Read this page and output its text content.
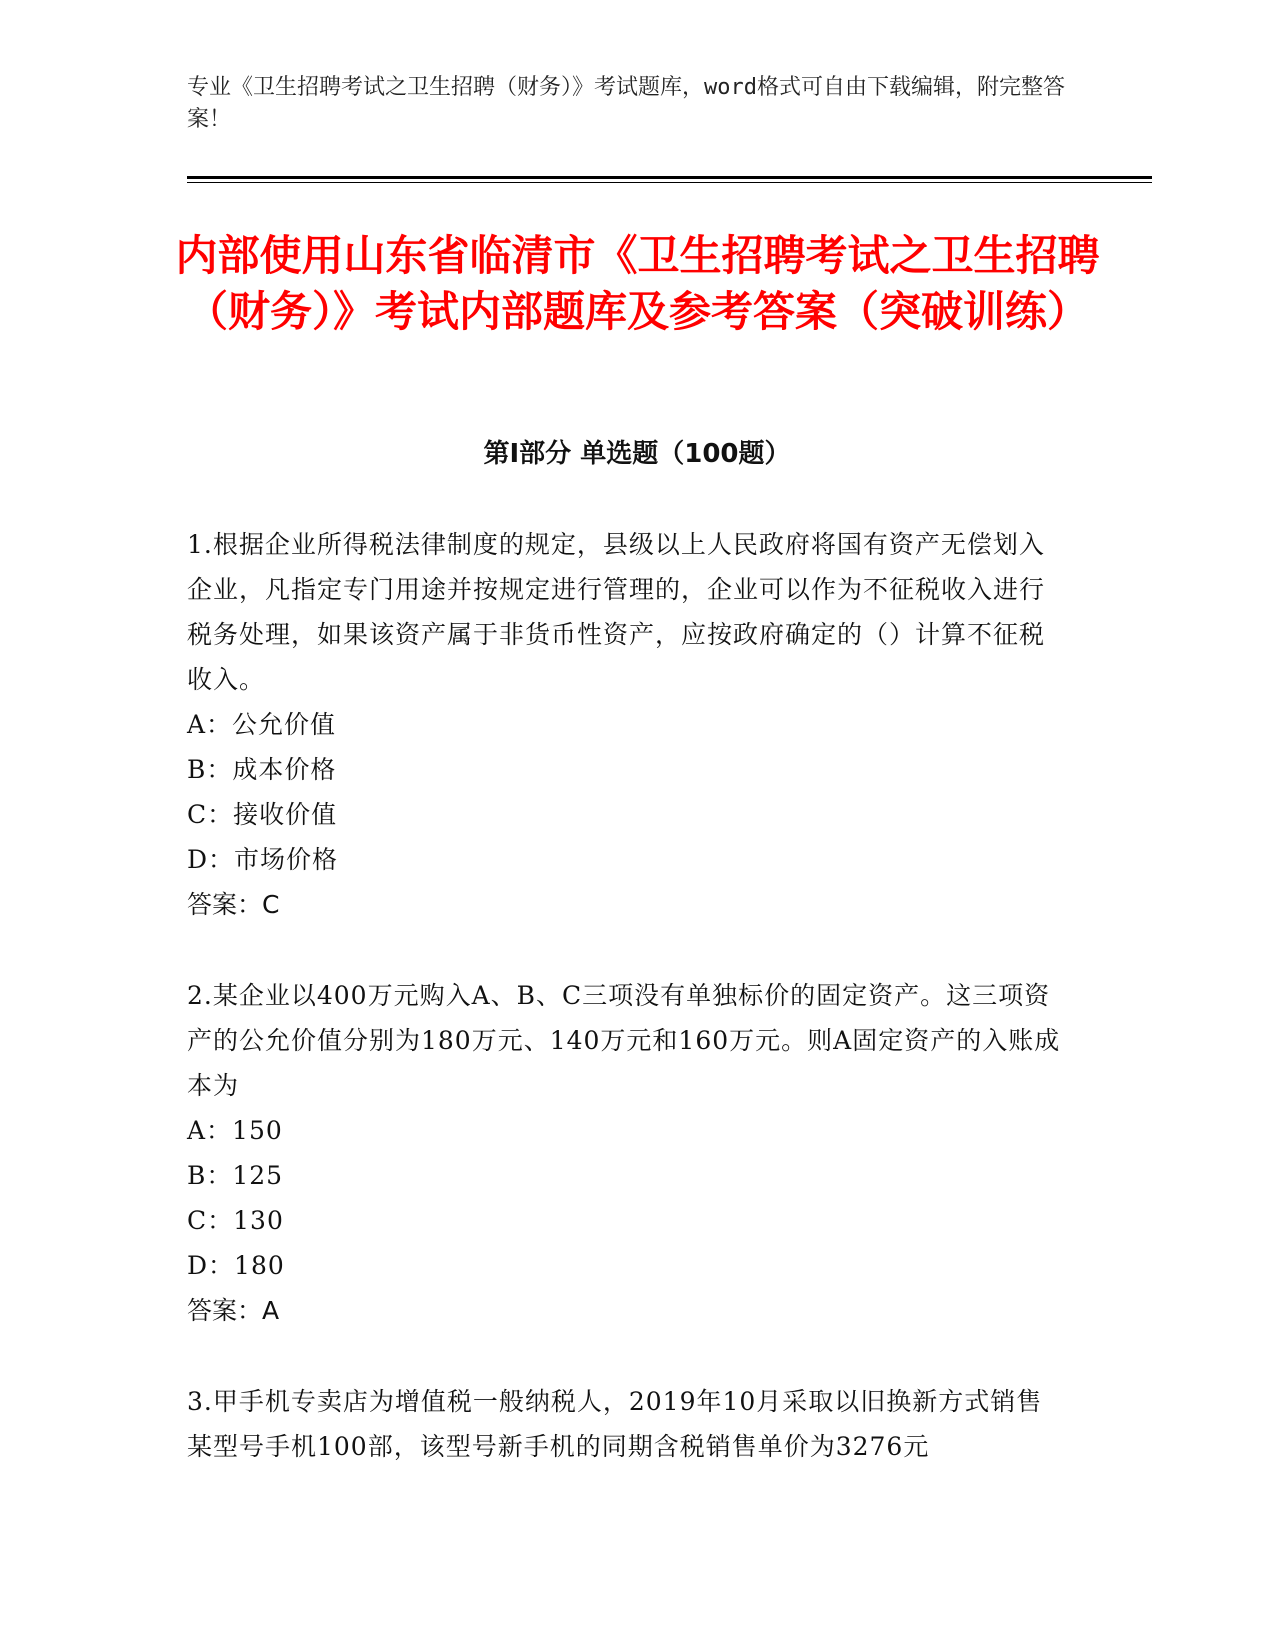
专业《卫生招聘考试之卫生招聘（财务）》考试题库，word格式可自由下载编辑，附完整答案！
内部使用山东省临清市《卫生招聘考试之卫生招聘（财务）》考试内部题库及参考答案（突破训练）
第Ⅰ部分 单选题（100题）

1.根据企业所得税法律制度的规定，县级以上人民政府将国有资产无偿划入企业，凡指定专门用途并按规定进行管理的，企业可以作为不征税收入进行税务处理，如果该资产属于非货币性资产，应按政府确定的（）计算不征税收入。

A：公允价值

B：成本价格

C：接收价值

D：市场价格

答案：C

2.某企业以400万元购入A、B、C三项没有单独标价的固定资产。这三项资产的公允价值分别为180万元、140万元和160万元。则A固定资产的入账成本为

A：150

B：125

C：130

D：180

答案：A

3.甲手机专卖店为增值税一般纳税人，2019年10月采取以旧换新方式销售某型号手机100部，该型号新手机的同期含税销售单价为3276元
